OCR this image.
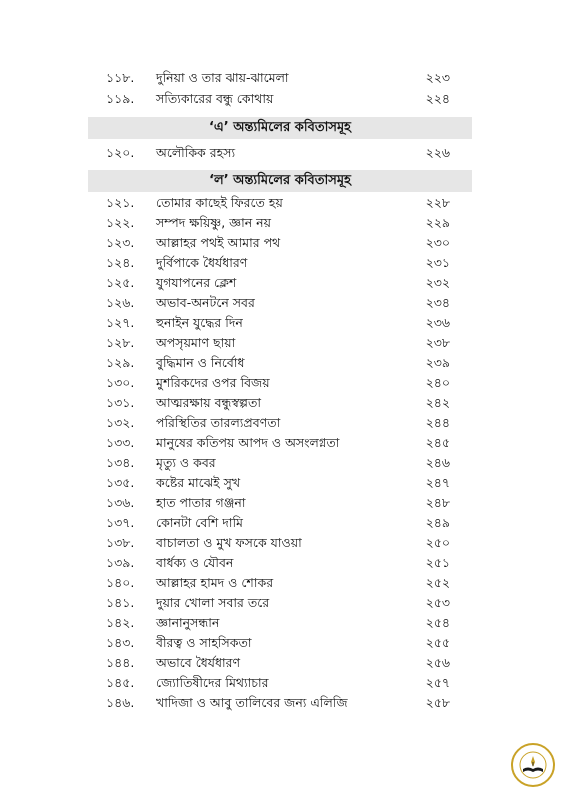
১১৮. দুনিয়া ও তার ঝায়-ঝামেলা	২২৩
১১৯. সত্যিকারের বন্ধু কোথায়	২২৪
‘এ’ অন্ত্যমিলের কবিতাসমূহ
১২০. অলৌকিক রহস্য	২২৬
‘ল’ অন্ত্যমিলের কবিতাসমূহ
১২১. তোমার কাছেই ফিরতে হয়	২২৮
১২২. সম্পদ ক্ষয়িষ্ণু, জ্ঞান নয়	২২৯
১২৩. আল্লাহর পথই আমার পথ	২৩০
১২৪. দুর্বিপাকে ধৈর্যধারণ	২৩১
১২৫. যুগযাপনের ক্লেশ	২৩২
১২৬. অভাব-অনটনে সবর	২৩৪
১২৭. হুনাইন যুদ্ধের দিন	২৩৬
১২৮. অপসৃয়মাণ ছায়া	২৩৮
১২৯. বুদ্ধিমান ও নির্বোধ	২৩৯
১৩০. মুশরিকদের ওপর বিজয়	২৪০
১৩১. আত্মরক্ষায় বন্ধুস্বল্পতা	২৪২
১৩২. পরিস্থিতির তারল্যপ্রবণতা	২৪৪
১৩৩. মানুষের কতিপয় আপদ ও অসংলগ্নতা	২৪৫
১৩৪. মৃত্যু ও কবর	২৪৬
১৩৫. কষ্টের মাঝেই সুখ	২৪৭
১৩৬. হাত পাতার গঞ্জনা	২৪৮
১৩৭. কোনটা বেশি দামি	২৪৯
১৩৮. বাচালতা ও মুখ ফসকে যাওয়া	২৫০
১৩৯. বার্ধক্য ও যৌবন	২৫১
১৪০. আল্লাহর হামদ ও শোকর	২৫২
১৪১. দুয়ার খোলা সবার তরে	২৫৩
১৪২. জ্ঞানানুসন্ধান	২৫৪
১৪৩. বীরত্ব ও সাহসিকতা	২৫৫
১৪৪. অভাবে ধৈর্যধারণ	২৫৬
১৪৫. জ্যোতিষীদের মিথ্যাচার	২৫৭
১৪৬. খাদিজা ও আবু তালিবের জন্য এলিজি	২৫৮
